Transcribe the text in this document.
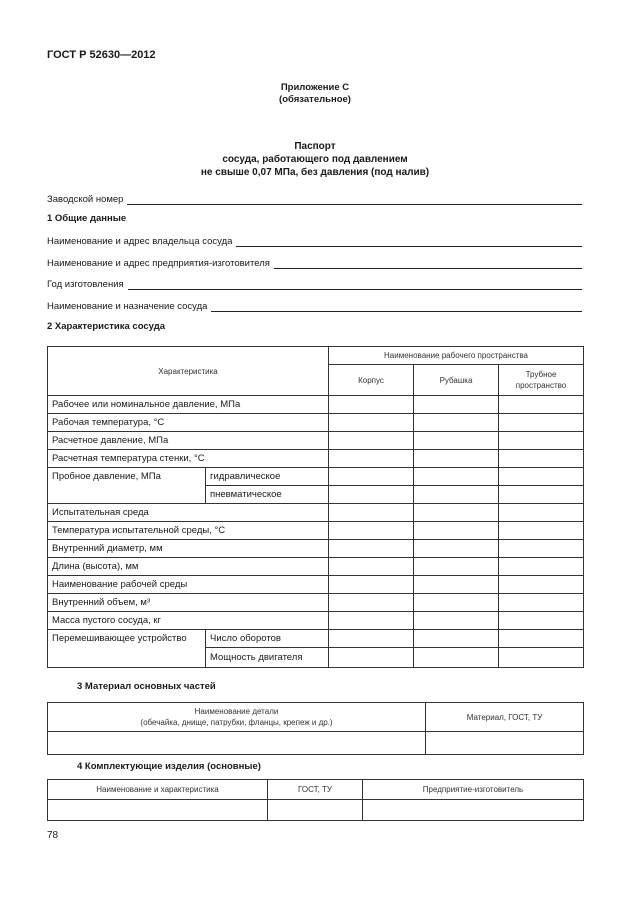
ГОСТ Р 52630—2012
Приложение С
(обязательное)
Паспорт
сосуда, работающего под давлением
не свыше 0,07 МПа, без давления (под налив)
Заводской номер
1 Общие данные
Наименование и адрес владельца сосуда
Наименование и адрес предприятия-изготовителя
Год изготовления
Наименование и назначение сосуда
2 Характеристика сосуда
Характеристика		Наименование рабочего пространства		
		Корпус	Рубашка	Трубное
пространство

Рабочее или номинальное давление, МПа				
Рабочая температура, °С				
Расчетное давление, МПа				
Расчетная температура стенки, °С				
Пробное давление, МПа	гидравлическое			
	пневматическое			
Испытательная среда				
Температура испытательной среды, °С				
Внутренний диаметр, мм				
Длина (высота), мм				
Наименование рабочей среды				
Внутренний объем, м³				
Масса пустого сосуда, кг				
Перемешивающее устройство	Число оборотов			
	Мощность двигателя			
3 Материал основных частей
Наименование детали
(обечайка, днище, патрубки, фланцы, крепеж и др.)	Материал, ГОСТ, ТУ

4 Комплектующие изделия (основные)
Наименование и характеристика	ГОСТ, ТУ	Предприятие-изготовитель

78
